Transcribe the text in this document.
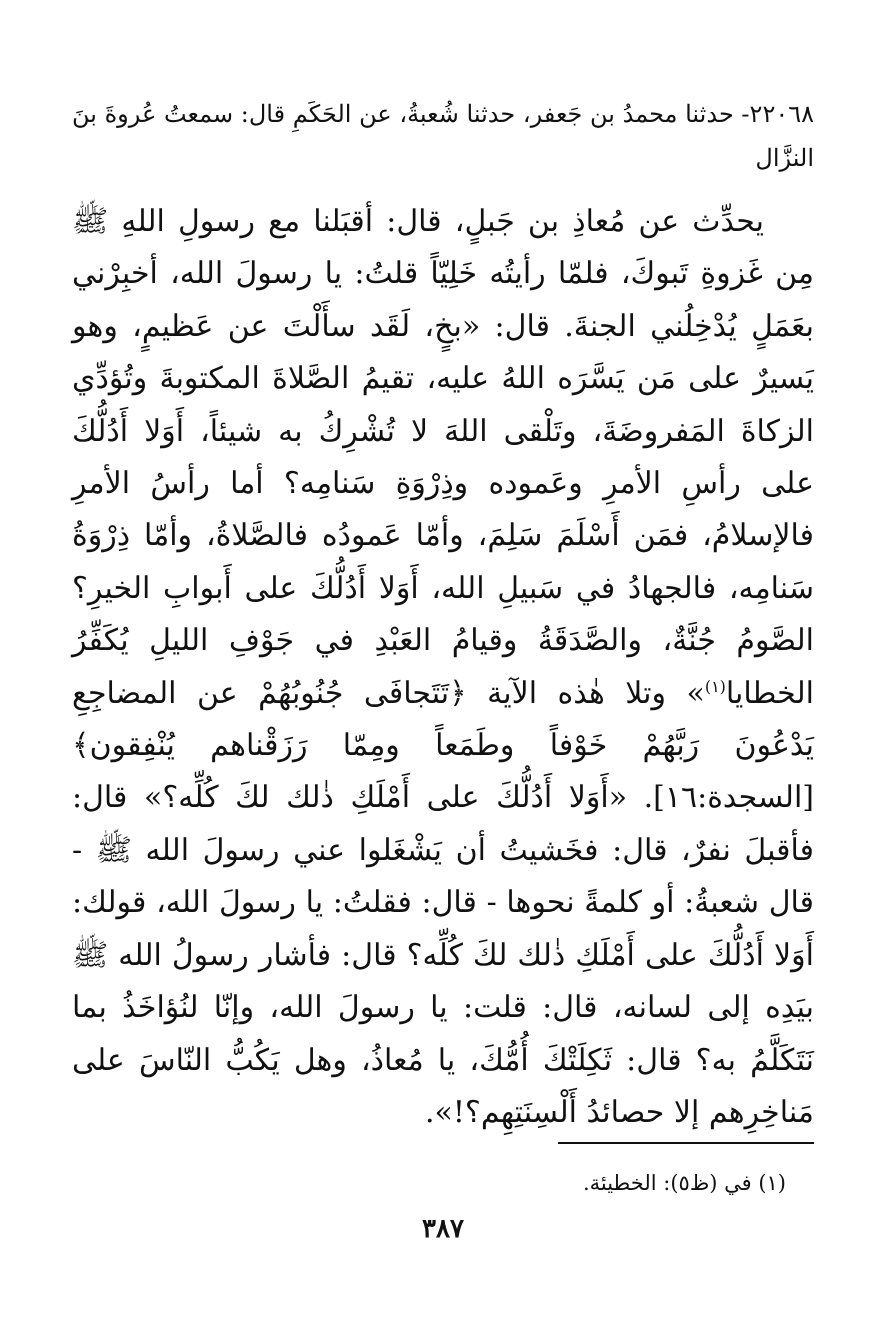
٢٢٠٦٨- حدثنا محمدُ بن جَعفر، حدثنا شُعبةُ، عن الحَكَمِ قال: سمعتُ عُروةَ بنَ النزَّال

يحدِّث عن مُعاذِ بن جَبلٍ، قال: أقبَلنا مع رسولِ اللهِ ﷺ مِن غَزوةِ تَبوكَ، فلمّا رأيتُه خَلِيّاً قلتُ: يا رسولَ الله، أخبِرْني بعَمَلٍ يُدْخِلُني الجنةَ. قال: «بخٍ، لَقَد سأَلْتَ عن عَظيمٍ، وهو يَسيرٌ على مَن يَسَّرَه اللهُ عليه، تقيمُ الصَّلاةَ المكتوبةَ وتُؤدِّي الزكاةَ المَفروضَةَ، وتَلْقى اللهَ لا تُشْرِكُ به شيئاً، أَوَلا أَدُلُّكَ على رأسِ الأمرِ وعَموده وذِرْوَةِ سَنامِه؟ أما رأسُ الأمرِ فالإسلامُ، فمَن أَسْلَمَ سَلِمَ، وأمّا عَمودُه فالصَّلاةُ، وأمّا ذِرْوَةُ سَنامِه، فالجهادُ في سَبيلِ الله، أَوَلا أَدُلُّكَ على أَبوابِ الخيرِ؟ الصَّومُ جُنَّةٌ، والصَّدَقَةُ وقيامُ العَبْدِ في جَوْفِ الليلِ يُكَفِّرُ الخطايا$^{(١)}$» وتلا هٰذه الآية ﴿تَتَجافَى جُنُوبُهُمْ عن المضاجِعِ يَدْعُونَ رَبَّهُمْ خَوْفاً وطَمَعاً ومِمّا رَزَقْناهم يُنْفِقون﴾ [السجدة:١٦]. «أَوَلا أَدُلُّكَ على أَمْلَكِ ذٰلك لكَ كُلِّه؟» قال: فأقبلَ نفرٌ، قال: فخَشيتُ أن يَشْغَلوا عني رسولَ الله ﷺ - قال شعبةُ: أو كلمةً نحوها - قال: فقلتُ: يا رسولَ الله، قولك: أَوَلا أَدُلُّكَ على أَمْلَكِ ذٰلك لكَ كُلِّه؟ قال: فأشار رسولُ الله ﷺ بيَدِه إلى لسانه، قال: قلت: يا رسولَ الله، وإنّا لنُؤاخَذُ بما نَتَكَلَّمُ به؟ قال: ثَكِلَتْكَ أُمُّكَ، يا مُعاذُ، وهل يَكُبُّ النّاسَ على مَناخِرِهم إلا حصائدُ أَلْسِنَتِهِم؟!».

(١) في (ظ٥): الخطيئة.

٣٨٧
